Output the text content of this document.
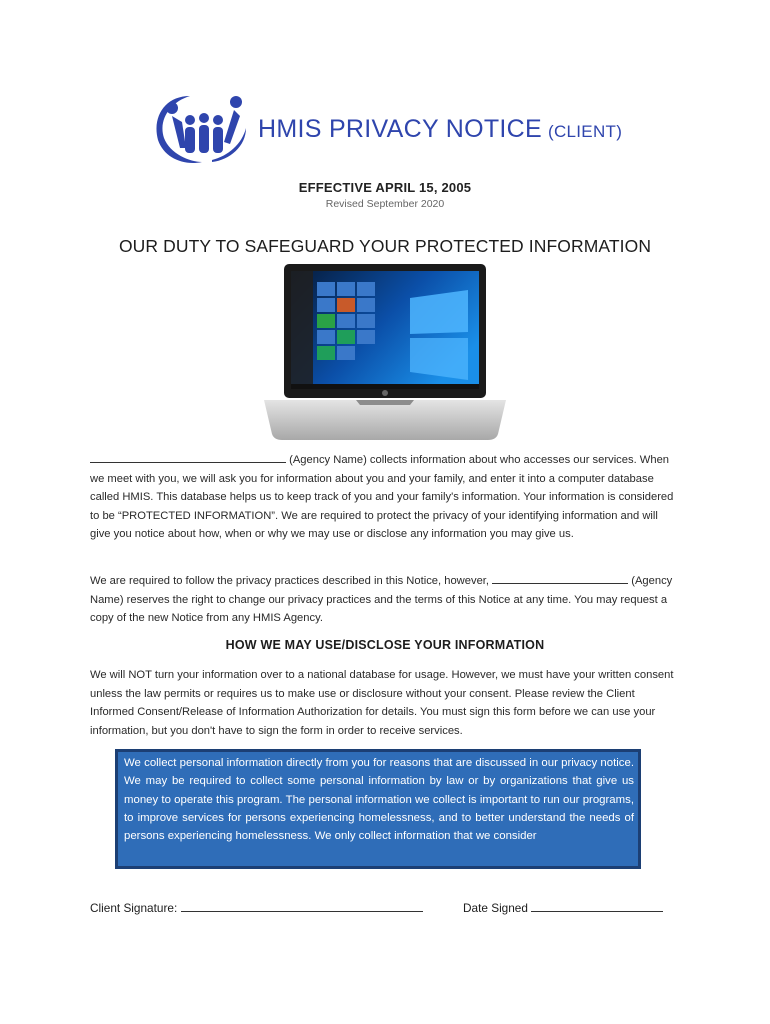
HMIS PRIVACY NOTICE (CLIENT)
EFFECTIVE APRIL 15, 2005
Revised September 2020
OUR DUTY TO SAFEGUARD YOUR PROTECTED INFORMATION
(Agency Name) collects information about who accesses our services. When we meet with you, we will ask you for information about you and your family, and enter it into a computer database called HMIS. This database helps us to keep track of you and your family's information. Your information is considered to be “PROTECTED INFORMATION”. We are required to protect the privacy of your identifying information and will give you notice about how, when or why we may use or disclose any information you may give us.
We are required to follow the privacy practices described in this Notice, however,	(Agency Name) reserves the right to change our privacy practices and the terms of this Notice at any time. You may request a copy of the new Notice from any HMIS Agency.
HOW WE MAY USE/DISCLOSE YOUR INFORMATION
We will NOT turn your information over to a national database for usage. However, we must have your written consent unless the law permits or requires us to make use or disclosure without your consent. Please review the Client Informed Consent/Release of Information Authorization for details. You must sign this form before we can use your information, but you don't have to sign the form in order to receive services.
We collect personal information directly from you for reasons that are discussed in our privacy notice. We may be required to collect some personal information by law or by organizations that give us money to operate this program. The personal information we collect is important to run our programs, to improve services for persons experiencing homelessness, and to better understand the needs of persons experiencing homelessness. We only collect information that we consider
Client Signature:	Date Signed
